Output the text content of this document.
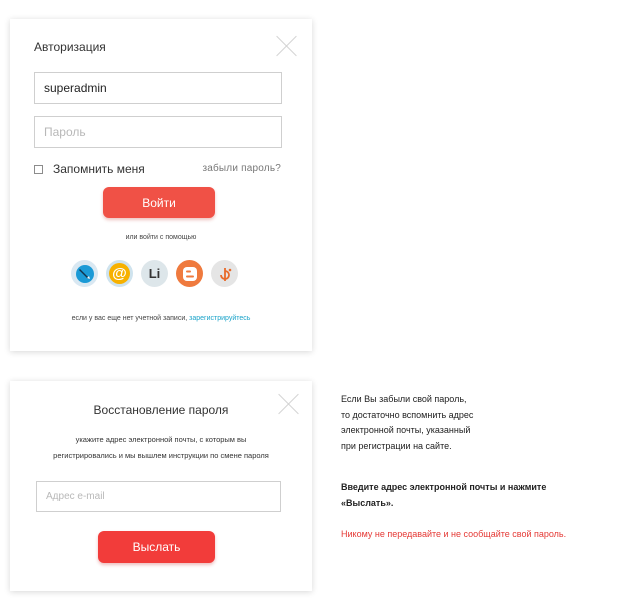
Авторизация
superadmin
Запомнить меня	забыли пароль?
Войти
или войти с помощью
@ Li
если у вас еще нет учетной записи, зарегистрируйтесь
Восстановление пароля
укажите адрес электронной почты, с которым вы
регистрировались и мы вышлем инструкции по смене пароля
Адрес e-mail
Выслать
Если Вы забыли свой пароль,
то достаточно вспомнить адрес
электронной почты, указанный
при регистрации на сайте.
Введите адрес электронной почты и нажмите
«Выслать».
Никому не передавайте и не сообщайте свой пароль.
